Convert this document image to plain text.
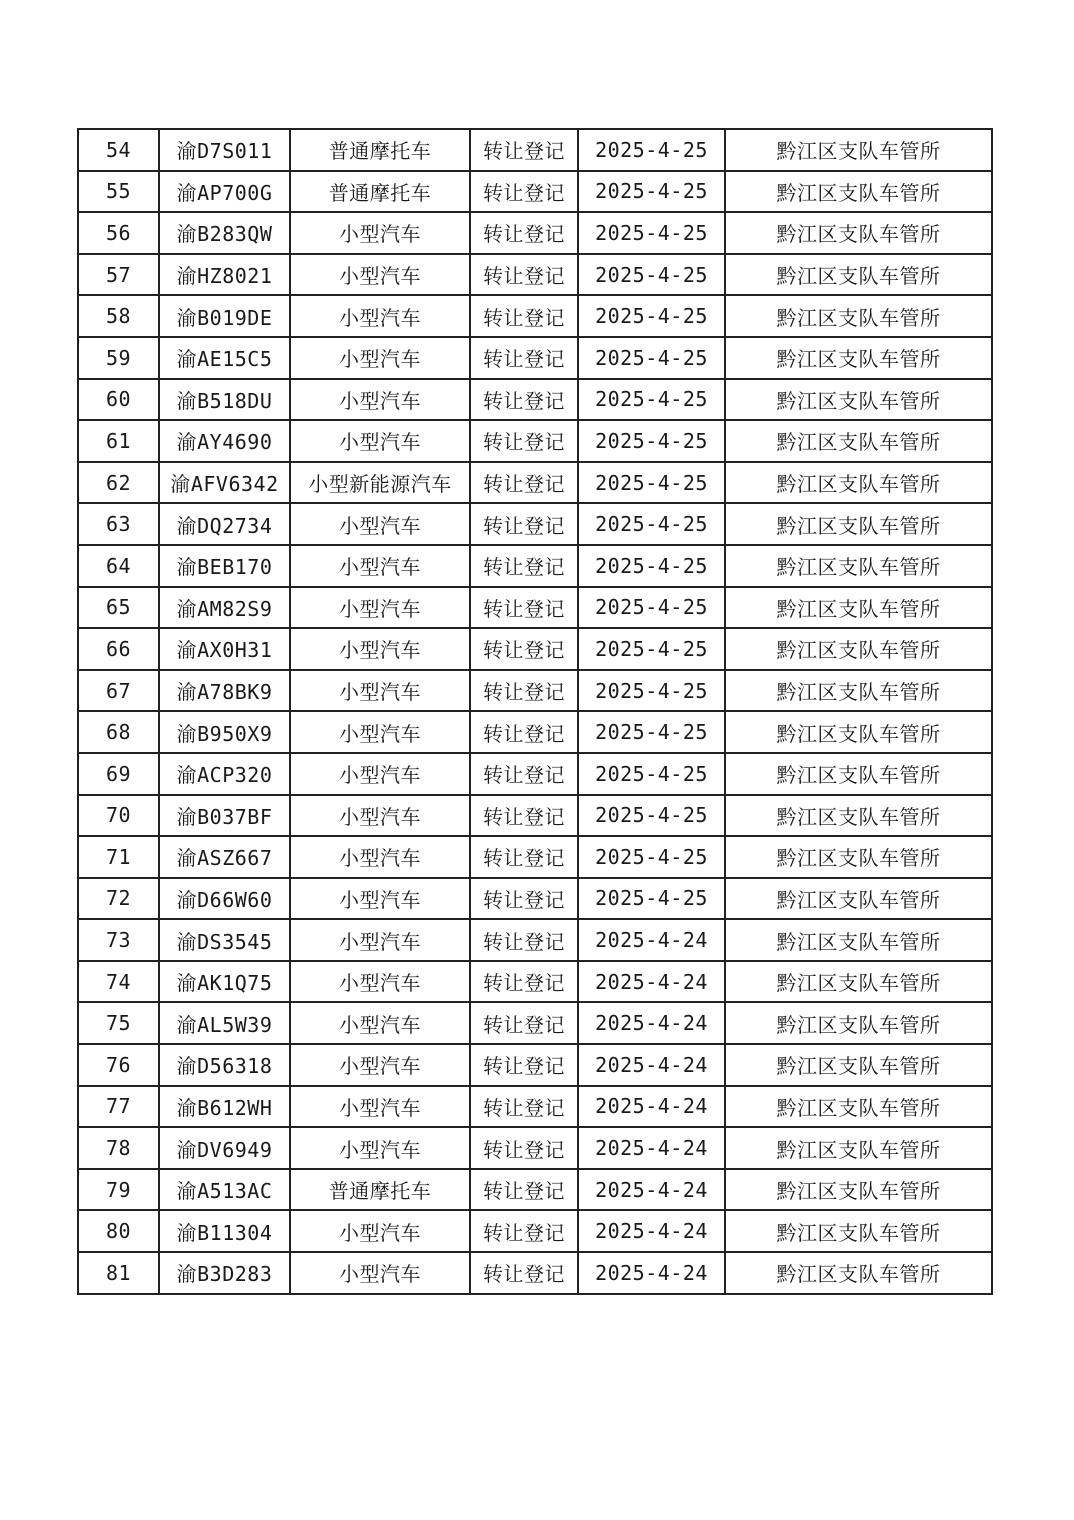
54	渝D7S011	普通摩托车	转让登记	2025-4-25	黔江区支队车管所
55	渝AP700G	普通摩托车	转让登记	2025-4-25	黔江区支队车管所
56	渝B283QW	小型汽车	转让登记	2025-4-25	黔江区支队车管所
57	渝HZ8021	小型汽车	转让登记	2025-4-25	黔江区支队车管所
58	渝B019DE	小型汽车	转让登记	2025-4-25	黔江区支队车管所
59	渝AE15C5	小型汽车	转让登记	2025-4-25	黔江区支队车管所
60	渝B518DU	小型汽车	转让登记	2025-4-25	黔江区支队车管所
61	渝AY4690	小型汽车	转让登记	2025-4-25	黔江区支队车管所
62	渝AFV6342	小型新能源汽车	转让登记	2025-4-25	黔江区支队车管所
63	渝DQ2734	小型汽车	转让登记	2025-4-25	黔江区支队车管所
64	渝BEB170	小型汽车	转让登记	2025-4-25	黔江区支队车管所
65	渝AM82S9	小型汽车	转让登记	2025-4-25	黔江区支队车管所
66	渝AX0H31	小型汽车	转让登记	2025-4-25	黔江区支队车管所
67	渝A78BK9	小型汽车	转让登记	2025-4-25	黔江区支队车管所
68	渝B950X9	小型汽车	转让登记	2025-4-25	黔江区支队车管所
69	渝ACP320	小型汽车	转让登记	2025-4-25	黔江区支队车管所
70	渝B037BF	小型汽车	转让登记	2025-4-25	黔江区支队车管所
71	渝ASZ667	小型汽车	转让登记	2025-4-25	黔江区支队车管所
72	渝D66W60	小型汽车	转让登记	2025-4-25	黔江区支队车管所
73	渝DS3545	小型汽车	转让登记	2025-4-24	黔江区支队车管所
74	渝AK1Q75	小型汽车	转让登记	2025-4-24	黔江区支队车管所
75	渝AL5W39	小型汽车	转让登记	2025-4-24	黔江区支队车管所
76	渝D56318	小型汽车	转让登记	2025-4-24	黔江区支队车管所
77	渝B612WH	小型汽车	转让登记	2025-4-24	黔江区支队车管所
78	渝DV6949	小型汽车	转让登记	2025-4-24	黔江区支队车管所
79	渝A513AC	普通摩托车	转让登记	2025-4-24	黔江区支队车管所
80	渝B11304	小型汽车	转让登记	2025-4-24	黔江区支队车管所
81	渝B3D283	小型汽车	转让登记	2025-4-24	黔江区支队车管所
